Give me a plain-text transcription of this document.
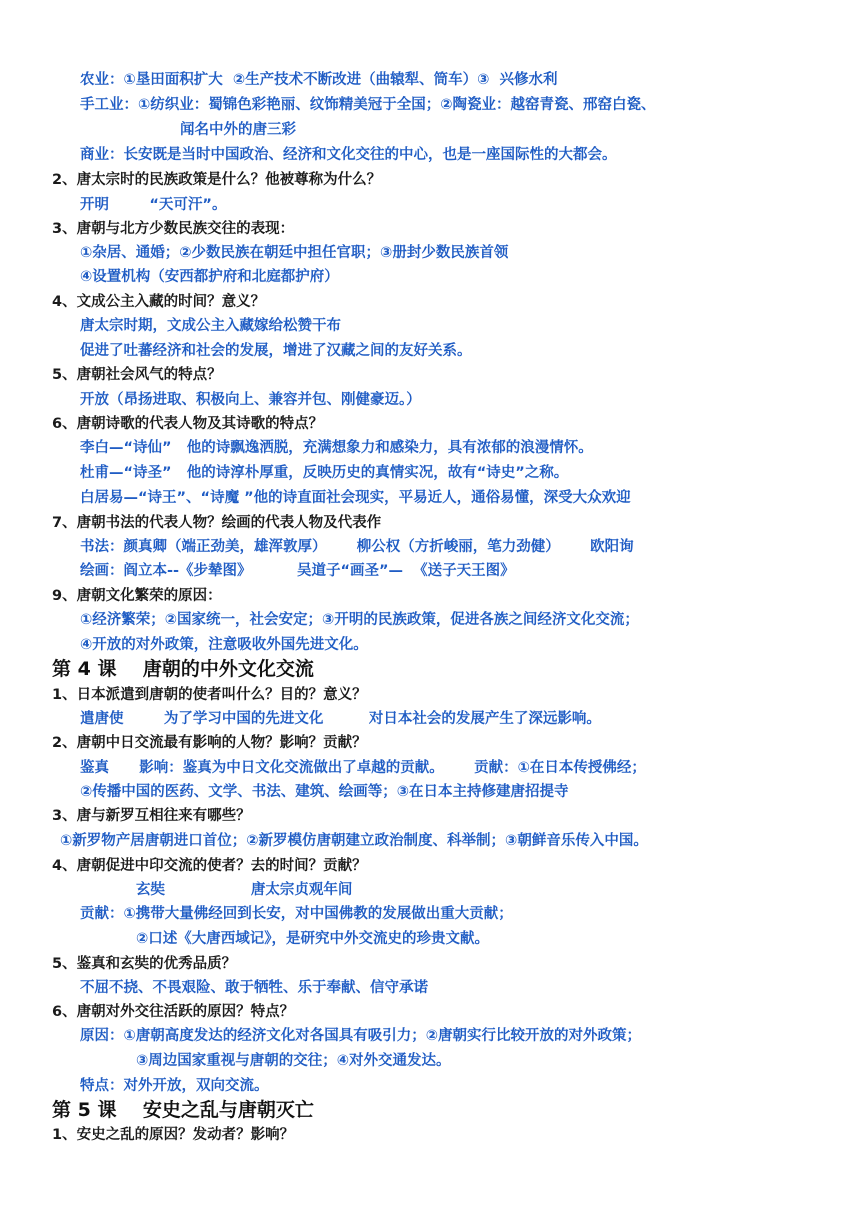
农业：①垦田面积扩大  ②生产技术不断改进（曲辕犁、筒车）③  兴修水利
手工业：①纺织业：蜀锦色彩艳丽、纹饰精美冠于全国；②陶瓷业：越窑青瓷、邢窑白瓷、
闻名中外的唐三彩
商业：长安既是当时中国政治、经济和文化交往的中心，也是一座国际性的大都会。
2、唐太宗时的民族政策是什么？他被尊称为什么？
开明        “天可汗”。
3、唐朝与北方少数民族交往的表现：
①杂居、通婚；②少数民族在朝廷中担任官职；③册封少数民族首领
④设置机构（安西都护府和北庭都护府）
4、文成公主入藏的时间？意义？
唐太宗时期，文成公主入藏嫁给松赞干布
促进了吐蕃经济和社会的发展，增进了汉藏之间的友好关系。
5、唐朝社会风气的特点？
开放（昂扬进取、积极向上、兼容并包、刚健豪迈。）
6、唐朝诗歌的代表人物及其诗歌的特点？
李白—“诗仙”   他的诗飘逸洒脱，充满想象力和感染力，具有浓郁的浪漫情怀。
杜甫—“诗圣”   他的诗淳朴厚重，反映历史的真情实况，故有“诗史”之称。
白居易—“诗王”、“诗魔 ”他的诗直面社会现实，平易近人，通俗易懂，深受大众欢迎
7、唐朝书法的代表人物？绘画的代表人物及代表作
书法：颜真卿（端正劲美，雄浑敦厚）      柳公权（方折峻丽，笔力劲健）      欧阳询
绘画：阎立本--《步辇图》         吴道子“画圣”—  《送子天王图》
9、唐朝文化繁荣的原因：
①经济繁荣；②国家统一，社会安定；③开明的民族政策，促进各族之间经济文化交流；
④开放的对外政策，注意吸收外国先进文化。
第 4 课    唐朝的中外文化交流
1、日本派遣到唐朝的使者叫什么？目的？意义？
遣唐使        为了学习中国的先进文化         对日本社会的发展产生了深远影响。
2、唐朝中日交流最有影响的人物？影响？贡献？
鉴真      影响：鉴真为中日文化交流做出了卓越的贡献。      贡献：①在日本传授佛经；
②传播中国的医药、文学、书法、建筑、绘画等；③在日本主持修建唐招提寺
3、唐与新罗互相往来有哪些？
①新罗物产居唐朝进口首位；②新罗模仿唐朝建立政治制度、科举制；③朝鲜音乐传入中国。
4、唐朝促进中印交流的使者？去的时间？贡献？
玄奘                 唐太宗贞观年间
贡献：①携带大量佛经回到长安，对中国佛教的发展做出重大贡献；
②口述《大唐西域记》，是研究中外交流史的珍贵文献。
5、鉴真和玄奘的优秀品质？
不屈不挠、不畏艰险、敢于牺牲、乐于奉献、信守承诺
6、唐朝对外交往活跃的原因？特点？
原因：①唐朝高度发达的经济文化对各国具有吸引力；②唐朝实行比较开放的对外政策；
③周边国家重视与唐朝的交往；④对外交通发达。
特点：对外开放，双向交流。
第 5 课    安史之乱与唐朝灭亡
1、安史之乱的原因？发动者？影响？
